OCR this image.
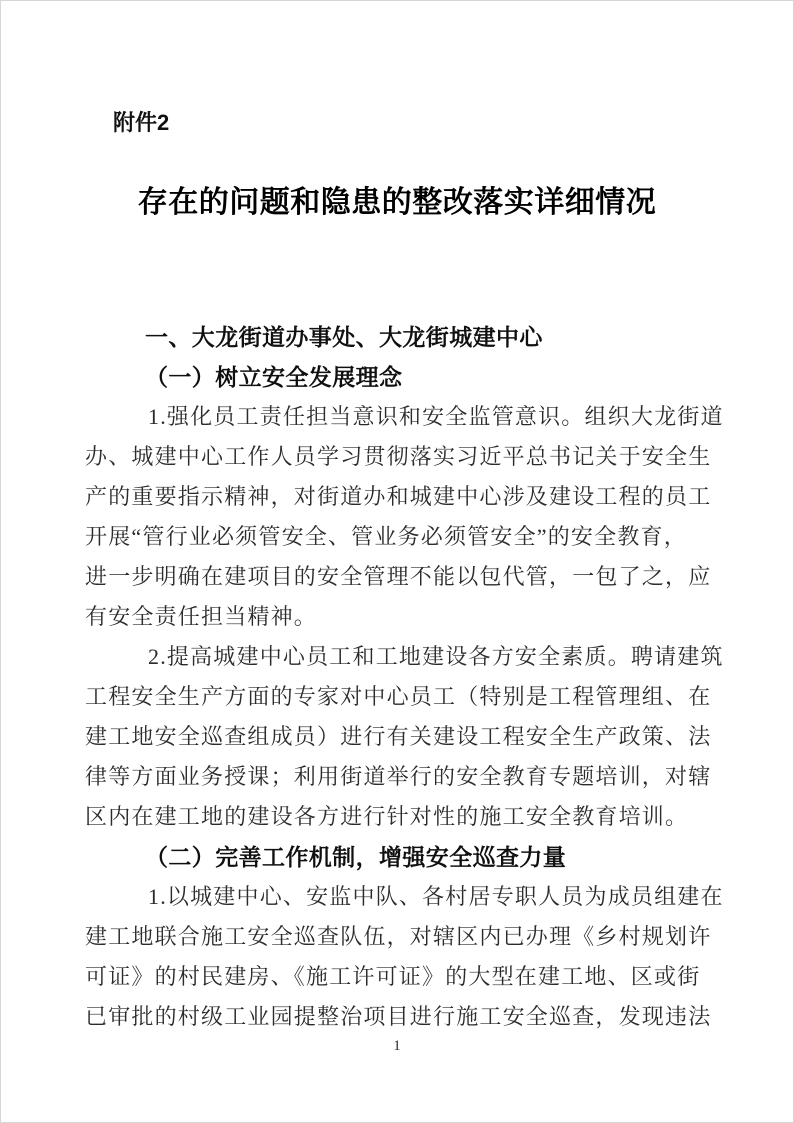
附件2
存在的问题和隐患的整改落实详细情况
一、大龙街道办事处、大龙街城建中心
（一）树立安全发展理念
1.强化员工责任担当意识和安全监管意识。组织大龙街道
办、城建中心工作人员学习贯彻落实习近平总书记关于安全生
产的重要指示精神，对街道办和城建中心涉及建设工程的员工
开展“管行业必须管安全、管业务必须管安全”的安全教育，
进一步明确在建项目的安全管理不能以包代管，一包了之，应
有安全责任担当精神。
2.提高城建中心员工和工地建设各方安全素质。聘请建筑
工程安全生产方面的专家对中心员工（特别是工程管理组、在
建工地安全巡查组成员）进行有关建设工程安全生产政策、法
律等方面业务授课；利用街道举行的安全教育专题培训，对辖
区内在建工地的建设各方进行针对性的施工安全教育培训。
（二）完善工作机制，增强安全巡查力量
1.以城建中心、安监中队、各村居专职人员为成员组建在
建工地联合施工安全巡查队伍，对辖区内已办理《乡村规划许
可证》的村民建房、《施工许可证》的大型在建工地、区或街
已审批的村级工业园提整治项目进行施工安全巡查，发现违法
1
